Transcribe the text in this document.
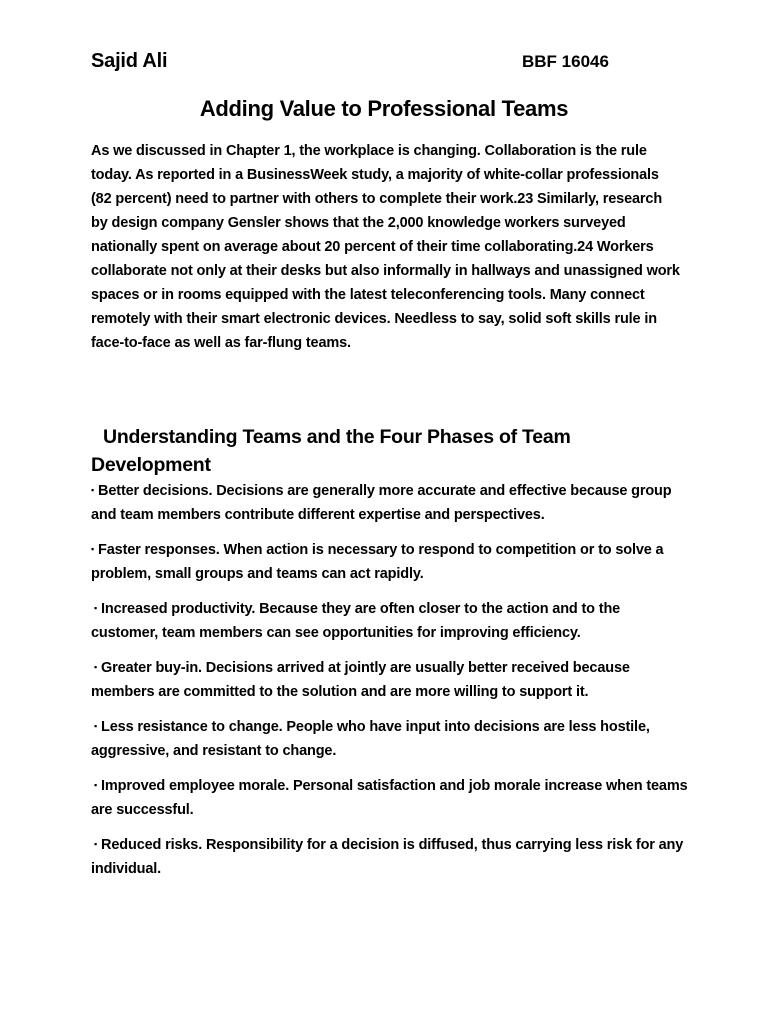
Sajid Ali	BBF 16046
Adding Value to Professional Teams

As we discussed in Chapter 1, the workplace is changing. Collaboration is the rule today. As reported in a BusinessWeek study, a majority of white-collar professionals (82 percent) need to partner with others to complete their work.23 Similarly, research by design company Gensler shows that the 2,000 knowledge workers surveyed nationally spent on average about 20 percent of their time collaborating.24 Workers collaborate not only at their desks but also informally in hallways and unassigned work spaces or in rooms equipped with the latest teleconferencing tools. Many connect remotely with their smart electronic devices. Needless to say, solid soft skills rule in face-to-face as well as far-flung teams.

Understanding Teams and the Four Phases of Team Development
▪ Better decisions. Decisions are generally more accurate and effective because group and team members contribute different expertise and perspectives.
▪ Faster responses. When action is necessary to respond to competition or to solve a problem, small groups and teams can act rapidly.
▪ Increased productivity. Because they are often closer to the action and to the customer, team members can see opportunities for improving efficiency.
▪ Greater buy-in. Decisions arrived at jointly are usually better received because members are committed to the solution and are more willing to support it.
▪ Less resistance to change. People who have input into decisions are less hostile, aggressive, and resistant to change.
▪ Improved employee morale. Personal satisfaction and job morale increase when teams are successful.
▪ Reduced risks. Responsibility for a decision is diffused, thus carrying less risk for any individual.
